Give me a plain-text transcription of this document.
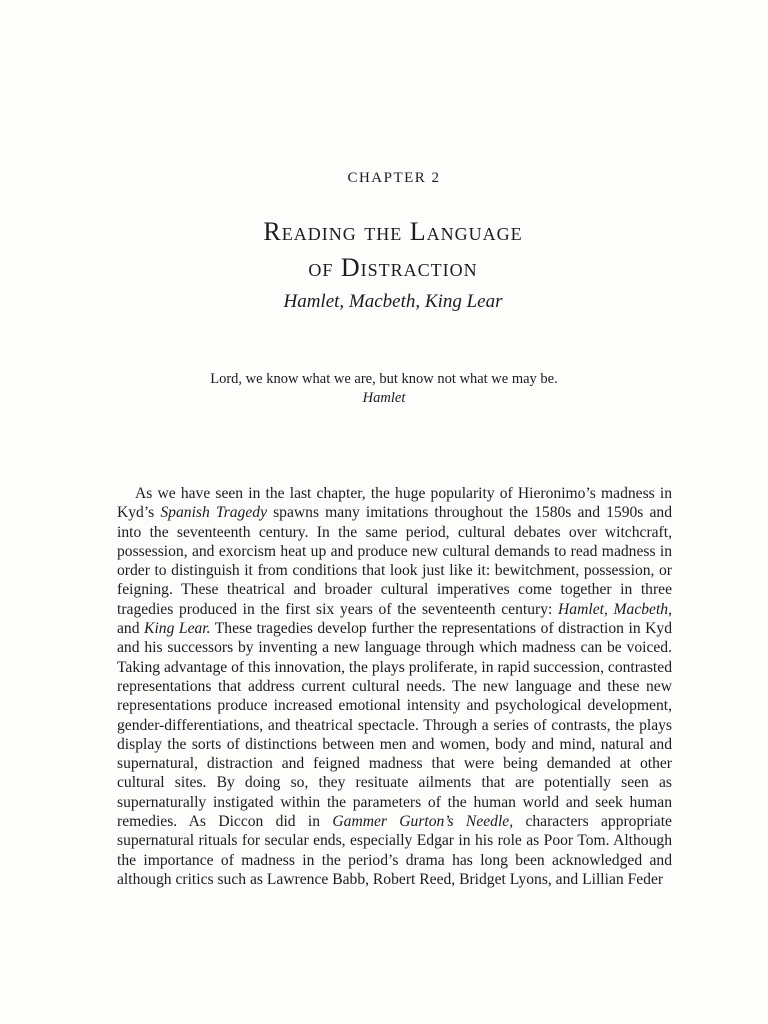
CHAPTER 2
Reading the Language
of Distraction
Hamlet, Macbeth, King Lear
Lord, we know what we are, but know not what we may be.
Hamlet

As we have seen in the last chapter, the huge popularity of Hieronimo’s madness in Kyd’s Spanish Tragedy spawns many imitations throughout the 1580s and 1590s and into the seventeenth century. In the same period, cultural debates over witchcraft, possession, and exorcism heat up and produce new cultural demands to read madness in order to distinguish it from conditions that look just like it: bewitchment, possession, or feigning. These theatrical and broader cultural imperatives come together in three tragedies produced in the first six years of the seventeenth century: Hamlet, Macbeth, and King Lear. These tragedies develop further the representations of distraction in Kyd and his successors by inventing a new language through which madness can be voiced. Taking advantage of this innovation, the plays proliferate, in rapid succession, contrasted representations that address current cultural needs. The new language and these new representations produce increased emotional intensity and psychological development, gender-differentiations, and theatrical spectacle. Through a series of contrasts, the plays display the sorts of distinctions between men and women, body and mind, natural and supernatural, distraction and feigned madness that were being demanded at other cultural sites. By doing so, they resituate ailments that are potentially seen as supernaturally instigated within the parameters of the human world and seek human remedies. As Diccon did in Gammer Gurton’s Needle, characters appropriate supernatural rituals for secular ends, especially Edgar in his role as Poor Tom. Although the importance of madness in the period’s drama has long been acknowledged and although critics such as Lawrence Babb, Robert Reed, Bridget Lyons, and Lillian Feder
